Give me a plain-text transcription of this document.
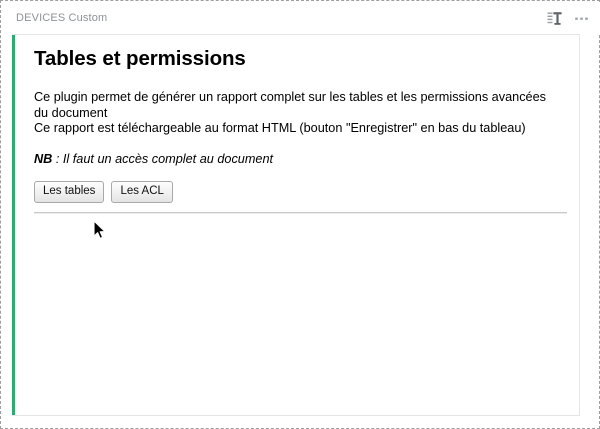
DEVICES Custom
Tables et permissions

Ce plugin permet de générer un rapport complet sur les tables et les permissions avancées du document

Ce rapport est téléchargeable au format HTML (bouton "Enregistrer" en bas du tableau)

NB : Il faut un accès complet au document
Les tables	Les ACL
